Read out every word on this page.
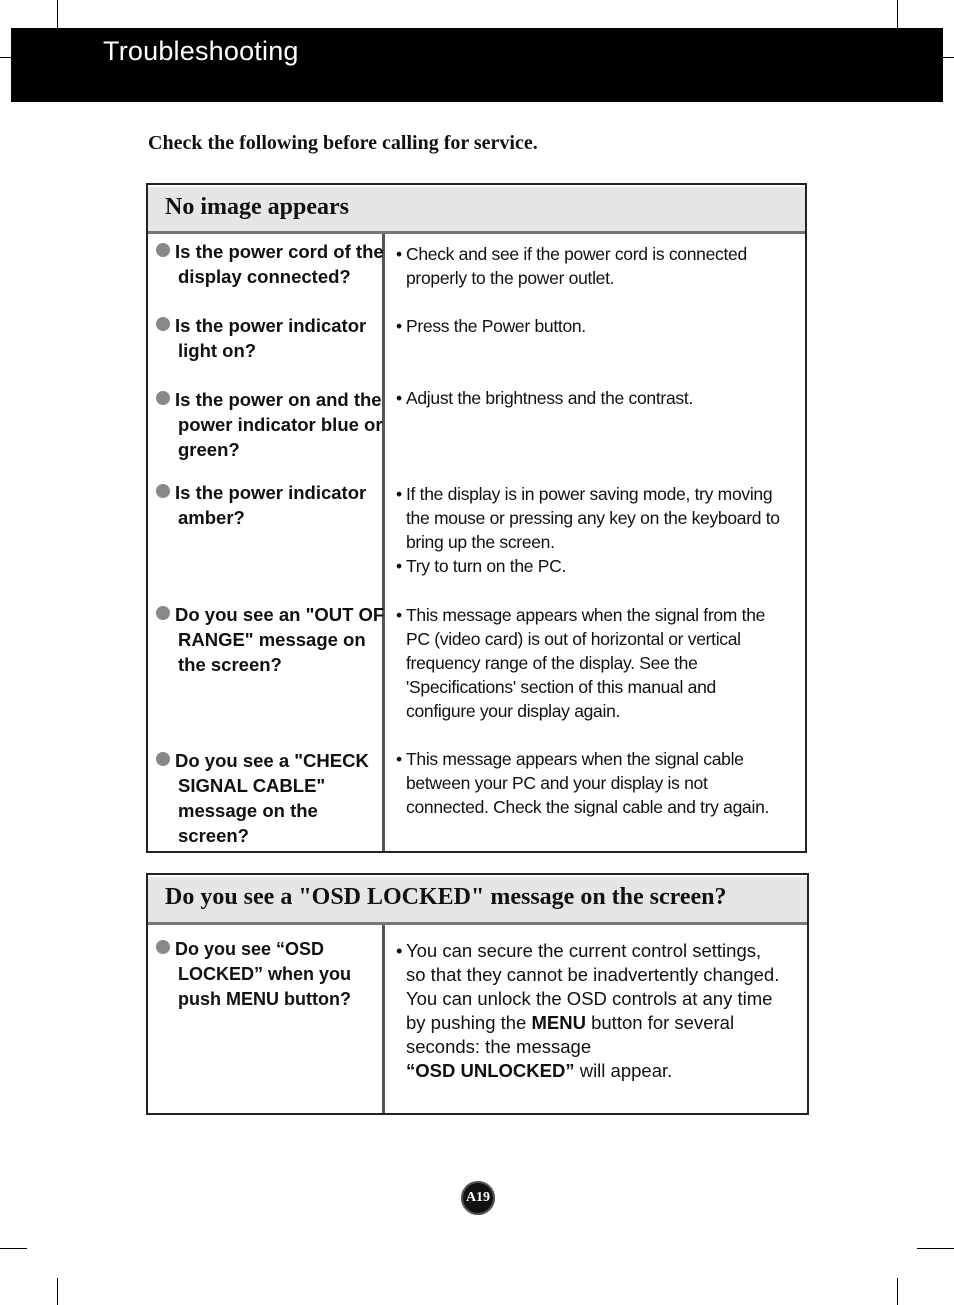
Troubleshooting
Check the following before calling for service.
No image appears
Is the power cord of the
display connected?
• Check and see if the power cord is connected
properly to the power outlet.
Is the power indicator
light on?
• Press the Power button.
Is the power on and the
power indicator blue or
green?
• Adjust the brightness and the contrast.
Is the power indicator
amber?
• If the display is in power saving mode, try moving
the mouse or pressing any key on the keyboard to
bring up the screen.
• Try to turn on the PC.
Do you see an "OUT OF
RANGE" message on
the screen?
• This message appears when the signal from the
PC (video card) is out of horizontal or vertical
frequency range of the display. See the
'Specifications' section of this manual and
configure your display again.
Do you see a "CHECK
SIGNAL CABLE"
message on the
screen?
• This message appears when the signal cable
between your PC and your display is not
connected. Check the signal cable and try again.
Do you see a "OSD LOCKED" message on the screen?
Do you see “OSD
LOCKED” when you
push MENU button?
• You can secure the current control settings,
so that they cannot be inadvertently changed.
You can unlock the OSD controls at any time
by pushing the MENU button for several
seconds: the message
“OSD UNLOCKED” will appear.
A19
